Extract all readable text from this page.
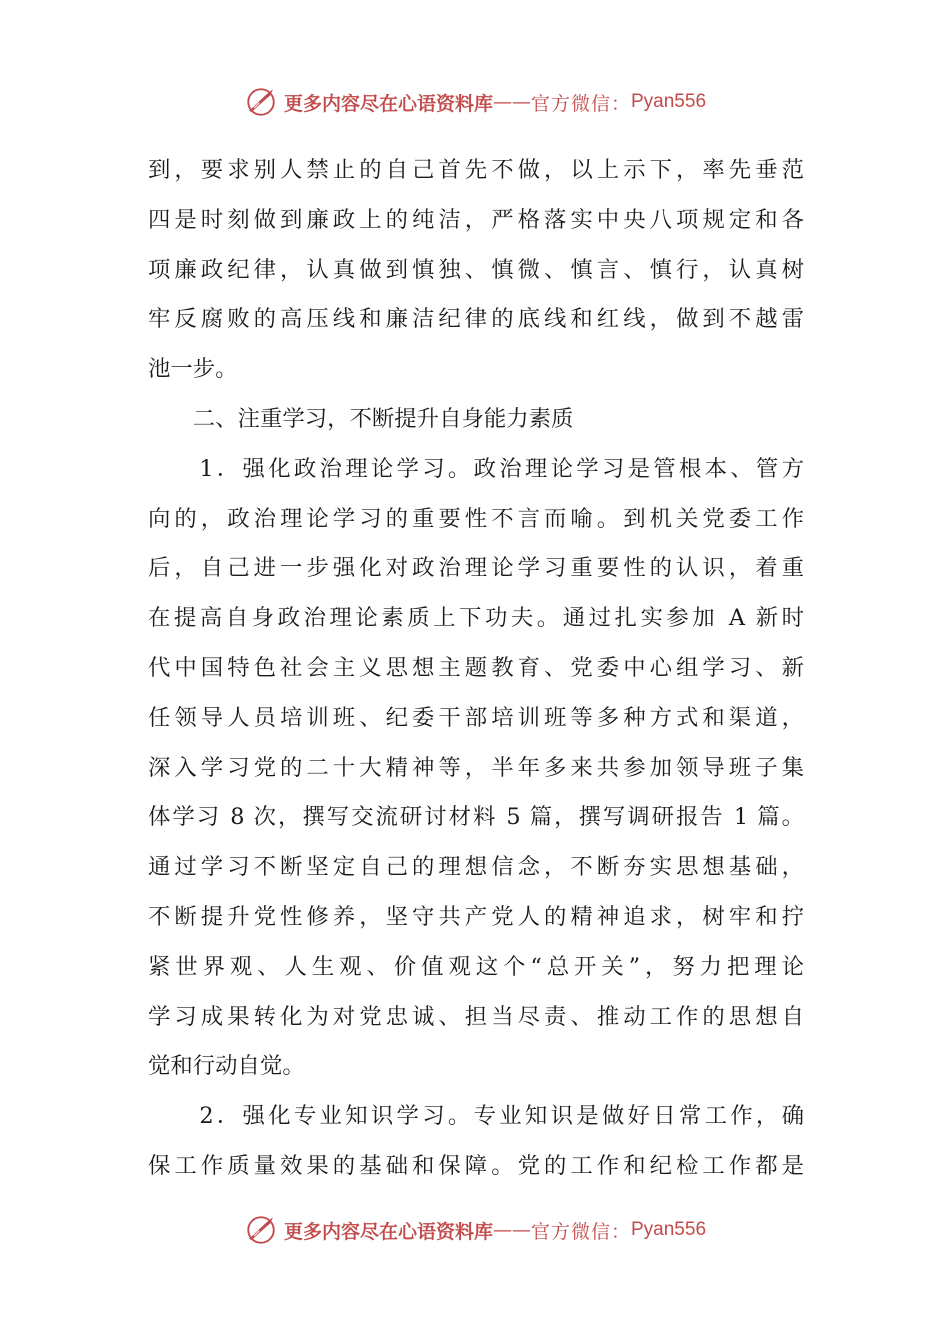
更多内容尽在心语资料库 — — 官方微信： Pyan556
到，要求别人禁止的自己首先不做，以上示下，率先垂范
四是时刻做到廉政上的纯洁，严格落实中央八项规定和各
项廉政纪律，认真做到慎独、慎微、慎言、慎行，认真树
牢反腐败的高压线和廉洁纪律的底线和红线，做到不越雷
池一步。
　　二、注重学习，不断提升自身能力素质
　　1．强化政治理论学习。政治理论学习是管根本、管方
向的，政治理论学习的重要性不言而喻。到机关党委工作
后，自己进一步强化对政治理论学习重要性的认识，着重
在提高自身政治理论素质上下功夫。通过扎实参加 A 新时
代中国特色社会主义思想主题教育、党委中心组学习、新
任领导人员培训班、纪委干部培训班等多种方式和渠道，
深入学习党的二十大精神等，半年多来共参加领导班子集
体学习 8 次，撰写交流研讨材料 5 篇，撰写调研报告 1 篇。
通过学习不断坚定自己的理想信念，不断夯实思想基础，
不断提升党性修养，坚守共产党人的精神追求，树牢和拧
紧世界观、人生观、价值观这个“总开关”，努力把理论
学习成果转化为对党忠诚、担当尽责、推动工作的思想自
觉和行动自觉。
　　2．强化专业知识学习。专业知识是做好日常工作，确
保工作质量效果的基础和保障。党的工作和纪检工作都是
更多内容尽在心语资料库 — — 官方微信： Pyan556
